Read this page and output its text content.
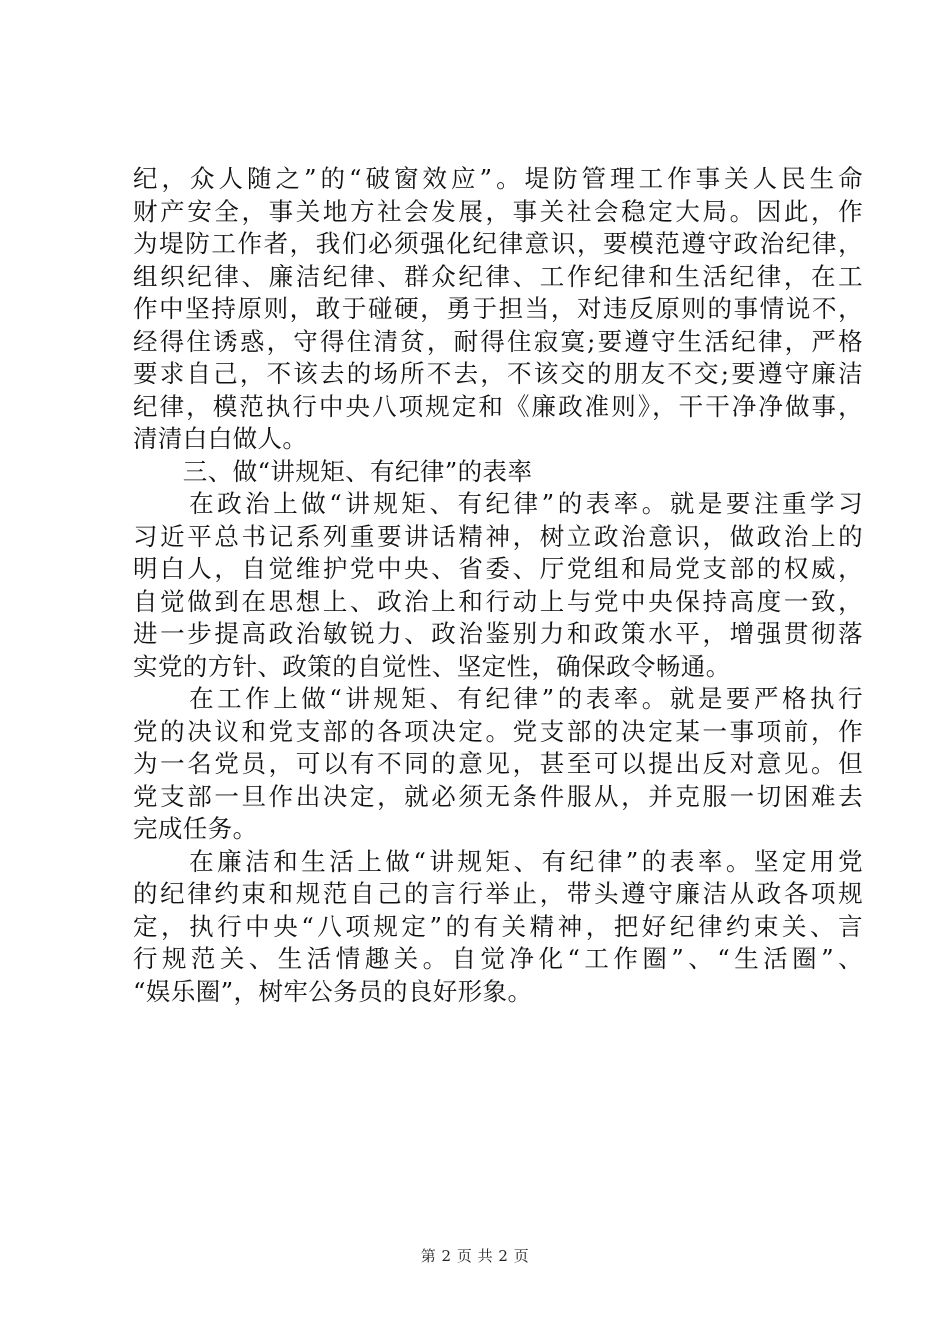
纪，众人随之”的“破窗效应”。堤防管理工作事关人民生命
财产安全，事关地方社会发展，事关社会稳定大局。因此，作
为堤防工作者，我们必须强化纪律意识，要模范遵守政治纪律，
组织纪律、廉洁纪律、群众纪律、工作纪律和生活纪律，在工
作中坚持原则，敢于碰硬，勇于担当，对违反原则的事情说不，
经得住诱惑，守得住清贫，耐得住寂寞;要遵守生活纪律，严格
要求自己，不该去的场所不去，不该交的朋友不交;要遵守廉洁
纪律，模范执行中央八项规定和《廉政准则》，干干净净做事，
清清白白做人。
　　三、做“讲规矩、有纪律”的表率
　　在政治上做“讲规矩、有纪律”的表率。就是要注重学习
习近平总书记系列重要讲话精神，树立政治意识，做政治上的
明白人，自觉维护党中央、省委、厅党组和局党支部的权威，
自觉做到在思想上、政治上和行动上与党中央保持高度一致，
进一步提高政治敏锐力、政治鉴别力和政策水平，增强贯彻落
实党的方针、政策的自觉性、坚定性，确保政令畅通。
　　在工作上做“讲规矩、有纪律”的表率。就是要严格执行
党的决议和党支部的各项决定。党支部的决定某一事项前，作
为一名党员，可以有不同的意见，甚至可以提出反对意见。但
党支部一旦作出决定，就必须无条件服从，并克服一切困难去
完成任务。
　　在廉洁和生活上做“讲规矩、有纪律”的表率。坚定用党
的纪律约束和规范自己的言行举止，带头遵守廉洁从政各项规
定，执行中央“八项规定”的有关精神，把好纪律约束关、言
行规范关、生活情趣关。自觉净化“工作圈”、“生活圈”、
“娱乐圈”，树牢公务员的良好形象。
第 2 页 共 2 页
